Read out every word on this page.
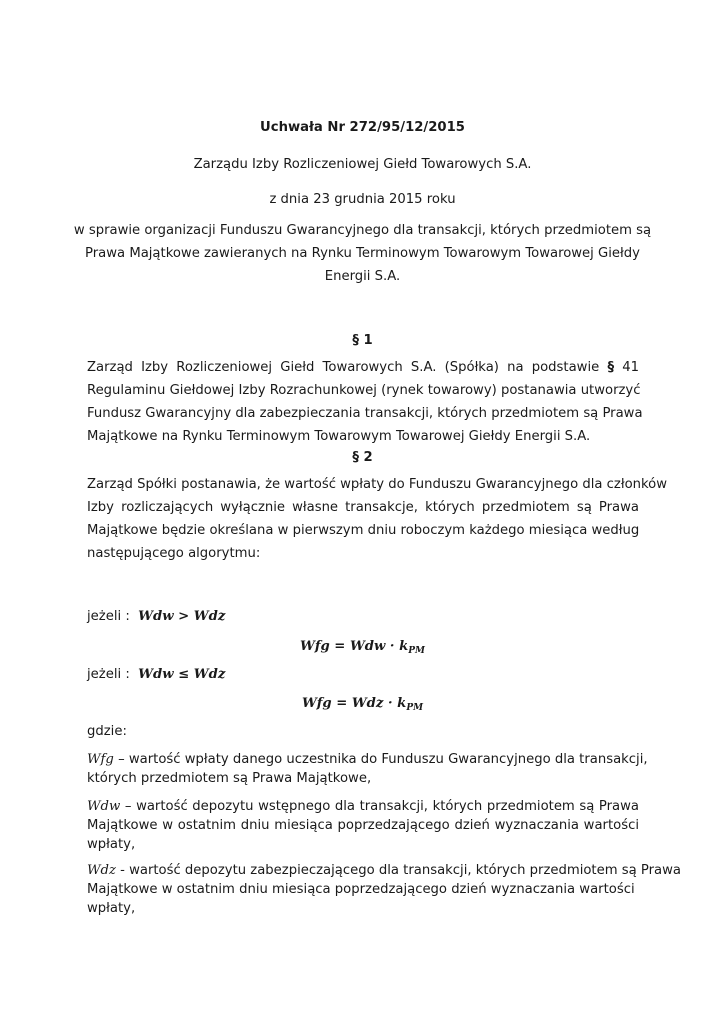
Uchwała Nr 272/95/12/2015
Zarządu Izby Rozliczeniowej Giełd Towarowych S.A.
z dnia 23 grudnia 2015 roku
w sprawie organizacji Funduszu Gwarancyjnego dla transakcji, których przedmiotem są
Prawa Majątkowe zawieranych na Rynku Terminowym Towarowym Towarowej Giełdy
Energii S.A.
§ 1
Zarząd Izby Rozliczeniowej Giełd Towarowych S.A. (Spółka) na podstawie § 41
Regulaminu Giełdowej Izby Rozrachunkowej (rynek towarowy) postanawia utworzyć
Fundusz Gwarancyjny dla zabezpieczania transakcji, których przedmiotem są Prawa
Majątkowe na Rynku Terminowym Towarowym Towarowej Giełdy Energii S.A.
§ 2
Zarząd Spółki postanawia, że wartość wpłaty do Funduszu Gwarancyjnego dla członków
Izby rozliczających wyłącznie własne transakcje, których przedmiotem są Prawa
Majątkowe będzie określana w pierwszym dniu roboczym każdego miesiąca według
następującego algorytmu:
jeżeli : Wdw > Wdz
Wfg = Wdw · $k_{PM}$
jeżeli : Wdw ≤ Wdz
Wfg = Wdz · $k_{PM}$
gdzie:
Wfg – wartość wpłaty danego uczestnika do Funduszu Gwarancyjnego dla transakcji,
których przedmiotem są Prawa Majątkowe,
Wdw – wartość depozytu wstępnego dla transakcji, których przedmiotem są Prawa
Majątkowe w ostatnim dniu miesiąca poprzedzającego dzień wyznaczania wartości
wpłaty,
Wdz - wartość depozytu zabezpieczającego dla transakcji, których przedmiotem są Prawa
Majątkowe w ostatnim dniu miesiąca poprzedzającego dzień wyznaczania wartości
wpłaty,
